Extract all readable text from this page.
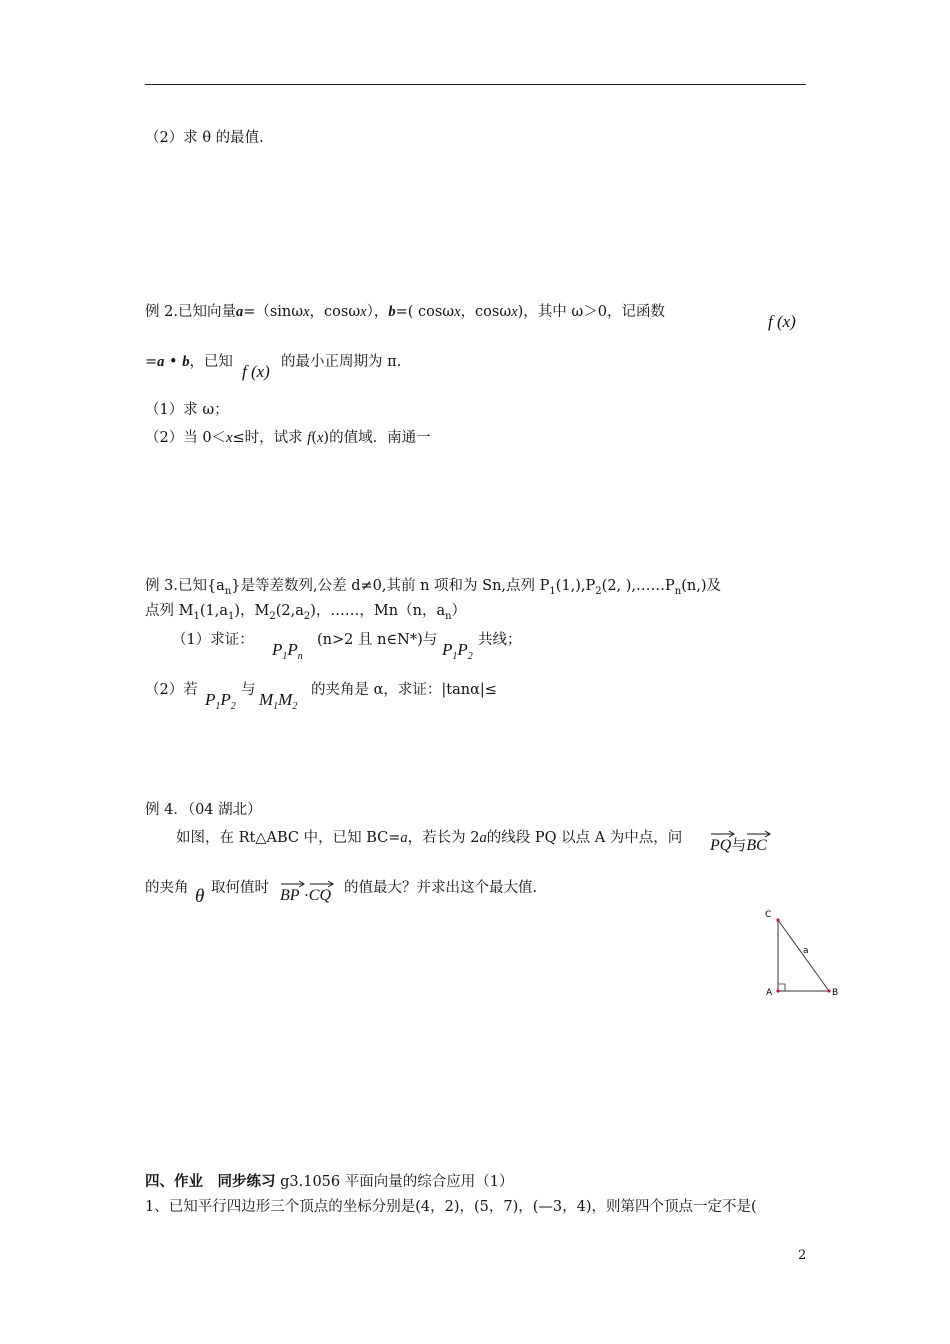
（2）求 θ 的最值.
例 2.已知向量a=（sinωx，cosωx），b=( cosωx，cosωx)，其中 ω＞0，记函数	f (x)
=a • b，已知 f (x) 的最小正周期为 π.
（1）求 ω；
（2）当 0＜x≤时，试求 f(x)的值域．南通一
例 3.已知$\{a_n\}$是等差数列,公差 d≠0,其前 n 项和为 Sn,点列 $P_1(1,),P_2(2$, )$,\dots\dots P_n(n,)$及
点列 $M_1(1,a_1)$，$M_2(2,a_2)$，……，Mn（n，$a_n$）
（1）求证： $P_1P_n$
(n>2 且 n∈N*)与 $P_1P_2$
共线；
（2）若 $P_1P_2$
与 $M_1M_2$
的夹角是 α，求证：|tanα|≤
例 4．（04 湖北）
如图，在 Rt△ABC 中，已知 BC=a，若长为 2a的线段 PQ 以点 A 为中点，问 PQ与
BC
的夹角 θ 取何值时 BP ·
CQ 的值最大？并求出这个最大值.
C
A	B
a
四、作业　同步练习 g3.1056 平面向量的综合应用（1）
1、已知平行四边形三个顶点的坐标分别是(4，2)，(5，7)，(—3，4)，则第四个顶点一定不是(
2
